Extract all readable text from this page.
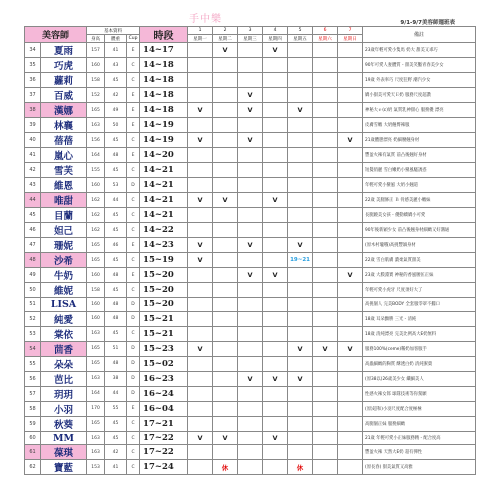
手中樂	9/1-9/7美容師週班表
美容師		基本資料			時段	1	2	3	4	5	6	7	備註
		身高	體重	Cup		星期一	星期二	星期三	星期四	星期五	星期六	星期日	
34	夏雨	157	41	E	14~17		V		V				23歲年輕可愛小隻馬 奶大 甜美又乖巧
35	巧虎	160	43	C	14~18								90年可愛人妻體質 - 甜美笑靨青春美少女
36	蘿莉	158	45	C	14~18								19歲 外表率巧 尺度狂野 潮汽少女
37	百威	152	42	E	14~18			V					嬌小甜美可愛天Ｅ奶 服務尺度超讚
38	漢娜	165	49	E	14~18	V		V		V			神秘大ｅ(ε)奶 氣質乳神甜心 服務優 漂亮
39	林襄	163	50	E	14~19								皮膚雪嫩 大奶翹臀辣服
40	蓓蓓	156	45	C	14~19	V		V				V	21歲體態漂亮 奶細腰翹身材
41	嵐心	164	48	E	14~20								豐盈火辣有氣質 前凸後翹好身材
42	雪芙	155	45	C	14~21								短髮俏麗 雪白嫩奶小蠻風騷誘惑
43	維恩	160	53	D	14~21								年輕可愛小蠻風 大奶小翹道
44	唯甜	162	44	C	14~21	V	V		V				22歲 美腿修正 Ｂ 骨感美麗小嫩妹
45	目蘭	162	45	C	14~21								長腿蹺美女孩 - 優動嬌嬌小可愛
46	妲己	162	45	C	14~22								90年後新穎少女 前凸後翹身材細緻又好溝通
47	珊妮	165	46	E	14~23	V		V		V			(原木村瓏哦)高挑豐韻身材
48	沙希	165	45	C	15~19	V				19~21			22歲 雪白肌膚 濃柔氣質甜美
49	牛奶	160	48	E	15~20			V	V			V	23歲 大膜淵實 神秘的香風腰匡正妹
50	維妮	158	45	C	15~20								年輕可愛小虎牙 尺度須好大了
51	LISA	160	48	D	15~20								高挑個人 完美BODY 全套服零罩不擱口
52	純愛	160	48	D	15~21								18歲 耳朵顫勝 三光 - 清純
53	棠依	163	45	C	15~21								18歲 清純漂亮 完美比例高大E奶無料
54	茴香	165	51	D	15~23	V				V	V	V	服務100%(ceme)稀奶加客服手
55	朵朵	165	48	D	15~02								高蟲細緻的胸質 酥透白奶 清純蜜菓
56	芭比	163	38	D	16~23			V	V	V			(原38以)26歲美少女 纖細美人
57	玥玥	164	44	D	16~24								性感火辣女郎 球隊技術等你駕願
58	小羽	170	55	E	16~04								(原)超和)小羽尺度配合度極極
59	秋葵	165	45	C	17~21								高腿個正妹 服務細緻
60	MM	163	45	C	17~22	V	V		V				21歲 年輕可愛小正妹服務精 - 配合度高
61	葆琪	163	42	C	17~22								豐盈火辣 天然大E奶 超有彈性
62	寶藍	153	41	C	17~24		休			休			(原長春) 甜美氣質又高雅
